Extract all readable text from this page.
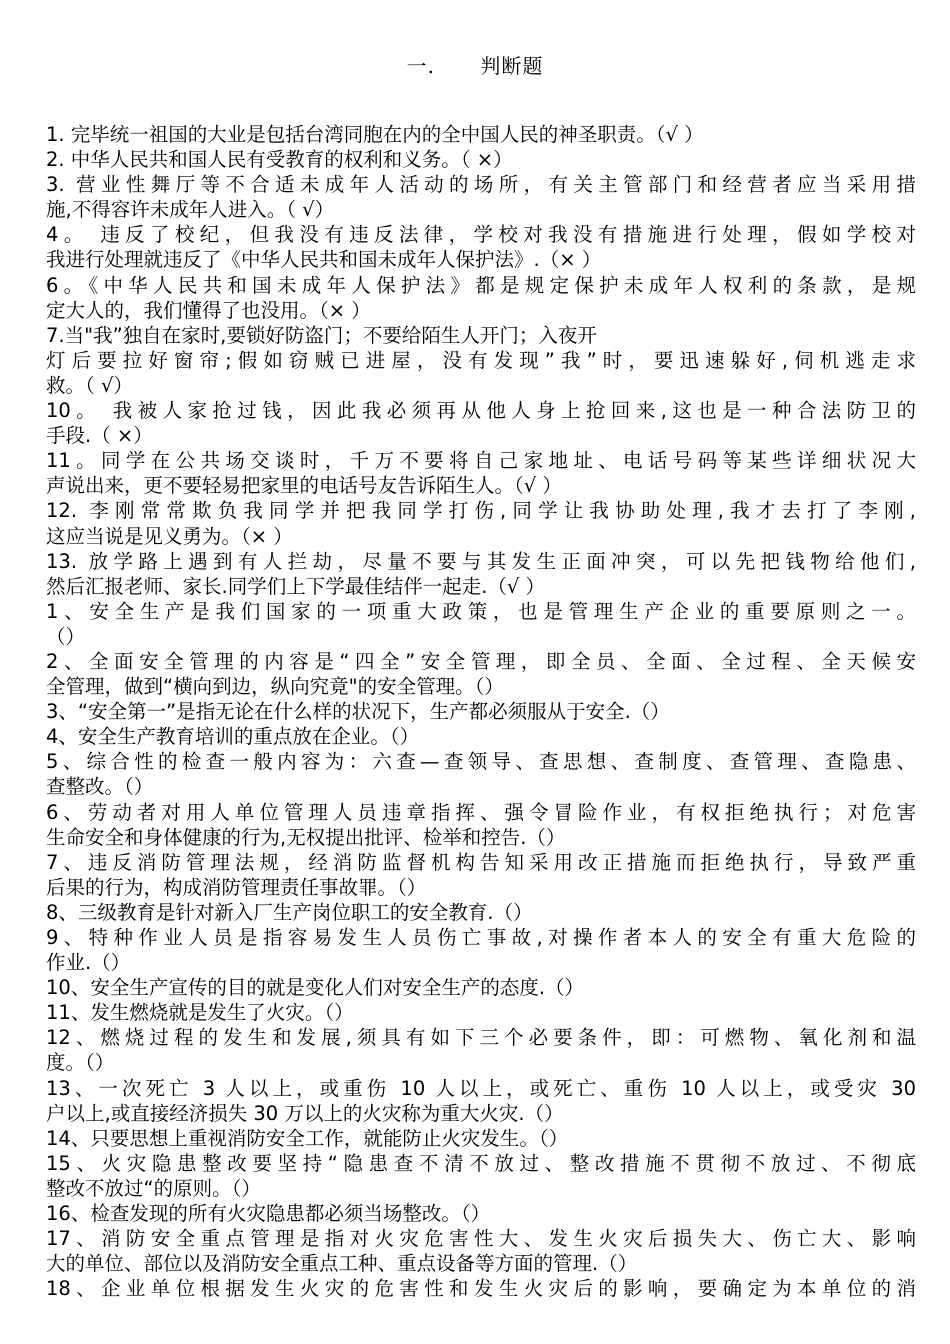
一. 判断题
1. 完毕统一祖国的大业是包括台湾同胞在内的全中国人民的神圣职责。（√ ）
2. 中华人民共和国人民有受教育的权利和义务。（ ×）
3. 营业性舞厅等不合适未成年人活动的场所，有关主管部门和经营者应当采用措
施,不得容许未成年人进入。（ √）
4。 违反了校纪，但我没有违反法律，学校对我没有措施进行处理，假如学校对
我进行处理就违反了《中华人民共和国未成年人保护法》.（× ）
6。《中华人民共和国未成年人保护法》都是规定保护未成年人权利的条款，是规
定大人的，我们懂得了也没用。（× ）
7.当"我”独自在家时,要锁好防盗门；不要给陌生人开门；入夜开
灯后要拉好窗帘;假如窃贼已进屋，没有发现”我”时，要迅速躲好,伺机逃走求
救。（ √）
10。 我被人家抢过钱，因此我必须再从他人身上抢回来,这也是一种合法防卫的
手段.（ ×）
11。同学在公共场交谈时，千万不要将自己家地址、电话号码等某些详细状况大
声说出来，更不要轻易把家里的电话号友告诉陌生人。（√ ）
12. 李刚常常欺负我同学并把我同学打伤,同学让我协助处理,我才去打了李刚,
这应当说是见义勇为。（× ）
13. 放学路上遇到有人拦劫，尽量不要与其发生正面冲突，可以先把钱物给他们,
然后汇报老师、家长.同学们上下学最佳结伴一起走.（√ ）
1、安全生产是我们国家的一项重大政策，也是管理生产企业的重要原则之一。
（）
2、全面安全管理的内容是“四全”安全管理，即全员、全面、全过程、全天候安
全管理，做到“横向到边，纵向究竟"的安全管理。（）
3、“安全第一”是指无论在什么样的状况下，生产都必须服从于安全.（）
4、安全生产教育培训的重点放在企业。（）
5、综合性的检查一般内容为：六查—查领导、查思想、查制度、查管理、查隐患、
查整改。（）
6、劳动者对用人单位管理人员违章指挥、强令冒险作业，有权拒绝执行；对危害
生命安全和身体健康的行为,无权提出批评、检举和控告.（）
7、违反消防管理法规，经消防监督机构告知采用改正措施而拒绝执行，导致严重
后果的行为，构成消防管理责任事故罪。（）
8、三级教育是针对新入厂生产岗位职工的安全教育.（）
9、特种作业人员是指容易发生人员伤亡事故,对操作者本人的安全有重大危险的
作业.（）
10、安全生产宣传的目的就是变化人们对安全生产的态度.（）
11、发生燃烧就是发生了火灾。（）
12、燃烧过程的发生和发展,须具有如下三个必要条件，即：可燃物、氧化剂和温
度。（）
13、一次死亡 3 人以上，或重伤 10 人以上，或死亡、重伤 10 人以上，或受灾 30
户以上,或直接经济损失 30 万以上的火灾称为重大火灾.（）
14、只要思想上重视消防安全工作，就能防止火灾发生。（）
15、火灾隐患整改要坚持“隐患查不清不放过、整改措施不贯彻不放过、不彻底
整改不放过“的原则。（）
16、检查发现的所有火灾隐患都必须当场整改。（）
17、消防安全重点管理是指对火灾危害性大、发生火灾后损失大、伤亡大、影响
大的单位、部位以及消防安全重点工种、重点设备等方面的管理.（）
18、企业单位根据发生火灾的危害性和发生火灾后的影响，要确定为本单位的消
